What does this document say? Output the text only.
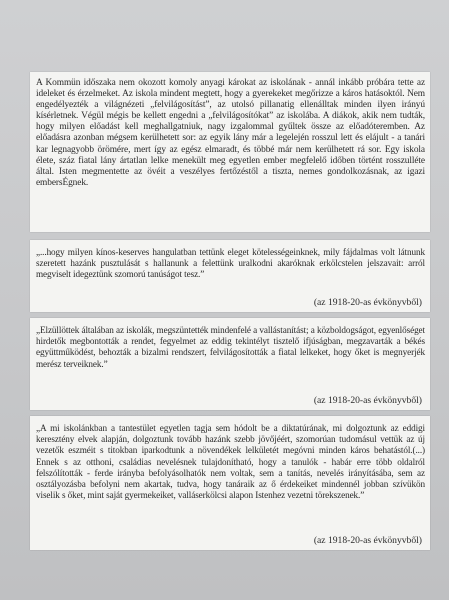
A Kommün időszaka nem okozott komoly anyagi károkat az iskolának - annál inkább próbára tette az ideleket és érzelmeket. Az iskola mindent megtett, hogy a gyerekeket megőrizze a káros hatásoktól. Nem engedélyezték a világnézeti „felvilágosítást”, az utolsó pillanatig ellenálltak minden ilyen irányú kísérletnek. Végül mégis be kellett engedni a „felvilágosítókat” az iskolába. A diákok, akik nem tudták, hogy milyen előadást kell meghallgatniuk, nagy izgalommal gyűltek össze az előadóteremben. Az előadásra azonban mégsem kerülhetett sor: az egyik lány már a legelején rosszul lett és elájult - a tanári kar legnagyobb örömére, mert így az egész elmaradt, és többé már nem kerülhetett rá sor. Egy iskola élete, száz fiatal lány ártatlan lelke menekült meg egyetlen ember megfelelő időben történt rosszulléte által. Isten megmentette az övéit a veszélyes fertőzéstől a tiszta, nemes gondolkozásnak, az igazi embersÉgnek.

„...hogy milyen kínos-keserves hangulatban tettünk eleget kötelességeinknek, mily fájdalmas volt látnunk szeretett hazánk pusztulását s hallanunk a felettünk uralkodni akaróknak erkölcstelen jelszavait: arról megviselt idegeztünk szomorú tanúságot tesz.”

(az 1918-20-as évkönyvből)

„Elzüllöttek általában az iskolák, megszüntették mindenfelé a vallástanítást; a közboldogságot, egyenlőséget hirdetők megbontották a rendet, fegyelmet az eddig tekintélyt tisztelő ifjúságban, megzavarták a békés együttműködést, behozták a bizalmi rendszert, felvilágosították a fiatal lelkeket, hogy őket is megnyerjék merész terveiknek.”

(az 1918-20-as évkönyvből)

„A mi iskolánkban a tantestület egyetlen tagja sem hódolt be a diktatúrának, mi dolgoztunk az eddigi keresztény elvek alapján, dolgoztunk tovább hazánk szebb jövőjéért, szomorúan tudomásul vettük az új vezetők eszméit s titokban iparkodtunk a növendékek lelkületét megóvni minden káros behatástól.(...) Ennek s az otthoni, családias nevelésnek tulajdonítható, hogy a tanulók - habár erre több oldalról felszólították - ferde irányba befolyásolhatók nem voltak, sem a tanítás, nevelés irányításába, sem az osztályozásba befolyni nem akartak, tudva, hogy tanáraik az ő érdekeiket mindennél jobban szívükön viselik s őket, mint saját gyermekeiket, valláserkölcsi alapon Istenhez vezetni törekszenek.”

(az 1918-20-as évkönyvből)
